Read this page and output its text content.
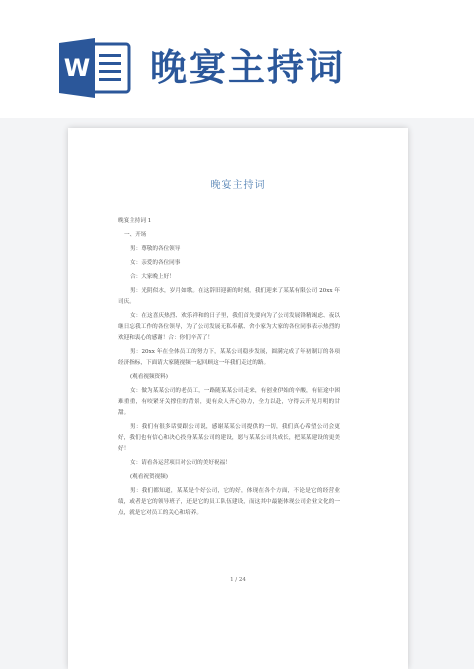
W 晚宴主持词
晚宴主持词

晚宴主持词 1

一、开场

男：尊敬的各位领导

女：亲爱的各位同事

合：大家晚上好！

男：光阴似水，岁月如歌。在这辞旧迎新的时刻，我们迎来了某某有限公司 20xx 年司庆。

女：在这喜庆热烈、欢乐祥和的日子里，我们首先要向为了公司发展锋精竭虑、夜以继日忘我工作的各位领导，为了公司发展无私奉献、舍小家为大家的各位同事表示热烈的欢迎和衷心的感谢！合：你们辛苦了！

男：20xx 年在全体员工的努力下，某某公司稳步发展，圆满完成了年初制订的各项经济指标，下面请大家随视频一起回顾这一年我们走过的路。

(观看视频资料)

女：做为某某公司的老员工，一路随某某公司走来，有创业伊始的辛酸，有征途中困难重重，有咬紧牙关撑住的背景，更有众人齐心协力，全力以赴，守得云开见月明的甘甜。

男：我们有很多话要跟公司说，感谢某某公司提供的一切，我们真心希望公司会更好，我们也有信心和决心投身某某公司的建设，愿与某某公司共成长，把某某建设的更美好！

女：请看各运营项目对公司的美好祝福！

(观看祝贺视频)

男：我们都知道，某某是个好公司，它的好，体现在各个方面，不论是它的经营业绩，或者是它的领导班子，还是它的员工队伍建设，而这其中最能体现公司企业文化的一点，就是它对员工的关心和培养。

1 / 24
